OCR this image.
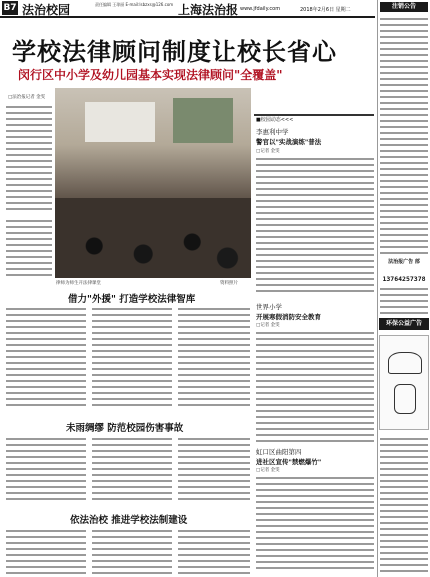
B7 法治校园	责任编辑 王琼丽 E-mail:lsbzxs@126.com 上海法治报 www.jfdaily.com	2018年2月6日 星期二
学校法律顾问制度让校长省心
闵行区中小学及幼儿园基本实现法律顾问"全覆盖"
□法治报记者 金雯
律师为师生开法律课堂	资料照片
借力"外援" 打造学校法律智库
未雨绸缪 防范校园伤害事故
依法治校 推进学校法制建设
■校园动态<<<
李惠利中学
警官以"实战演练"普法
□记者 金雯
世界小学
开展寒假消防安全教育
□记者 金雯
虹口区曲阳第四
进社区宣传"禁燃爆竹"
□记者 金雯
注销公告
法治报广告 部
13764257378
环保公益广告
